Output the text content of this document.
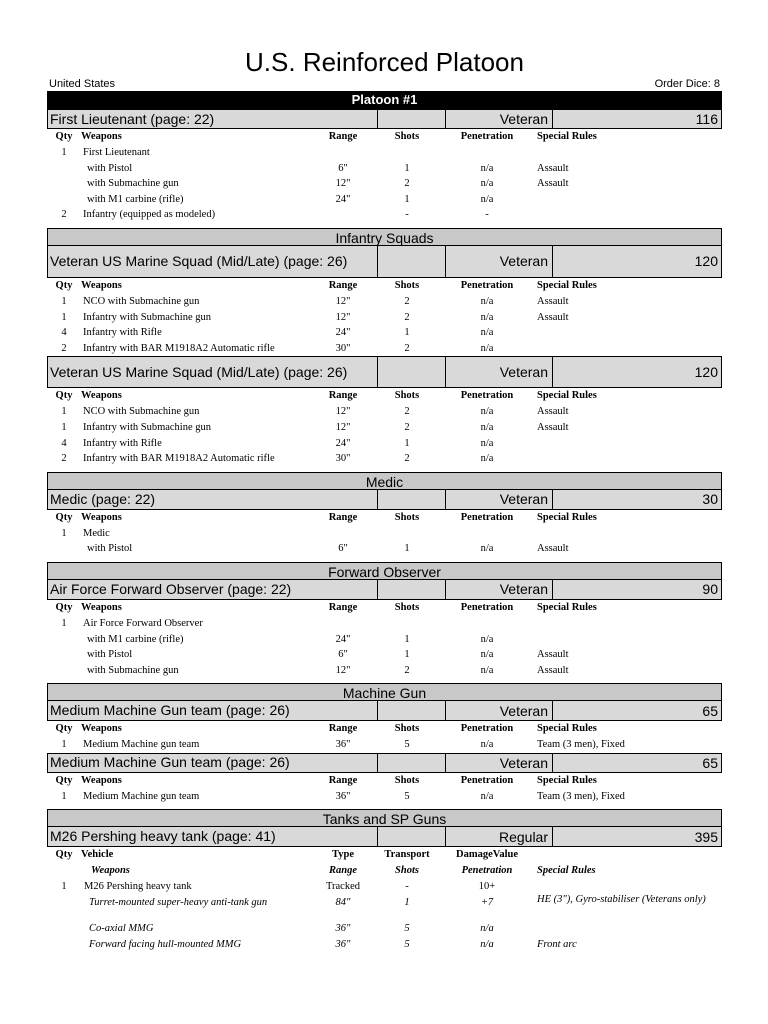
U.S. Reinforced Platoon
United States	Order Dice: 8
Platoon #1
First Lieutenant (page: 22)	Veteran	116
Qty	Weapons	Range	Shots	Penetration	Special Rules
1	First Lieutenant				
	with Pistol	6"	1	n/a	Assault
	with Submachine gun	12"	2	n/a	Assault
	with M1 carbine (rifle)	24"	1	n/a	
2	Infantry (equipped as modeled)		-	-	
Infantry Squads
Veteran US Marine Squad (Mid/Late) (page: 26)	Veteran	120
Qty	Weapons	Range	Shots	Penetration	Special Rules
1	NCO with Submachine gun	12"	2	n/a	Assault
1	Infantry with Submachine gun	12"	2	n/a	Assault
4	Infantry with Rifle	24"	1	n/a	
2	Infantry with BAR M1918A2 Automatic rifle	30"	2	n/a	
Veteran US Marine Squad (Mid/Late) (page: 26)	Veteran	120
Qty	Weapons	Range	Shots	Penetration	Special Rules
1	NCO with Submachine gun	12"	2	n/a	Assault
1	Infantry with Submachine gun	12"	2	n/a	Assault
4	Infantry with Rifle	24"	1	n/a	
2	Infantry with BAR M1918A2 Automatic rifle	30"	2	n/a	
Medic
Medic (page: 22)	Veteran	30
Qty	Weapons	Range	Shots	Penetration	Special Rules
1	Medic				
	with Pistol	6"	1	n/a	Assault
Forward Observer
Air Force Forward Observer (page: 22)	Veteran	90
Qty	Weapons	Range	Shots	Penetration	Special Rules
1	Air Force Forward Observer				
	with M1 carbine (rifle)	24"	1	n/a	
	with Pistol	6"	1	n/a	Assault
	with Submachine gun	12"	2	n/a	Assault
Machine Gun
Medium Machine Gun team (page: 26)	Veteran	65
Qty	Weapons	Range	Shots	Penetration	Special Rules
1	Medium Machine gun team	36"	5	n/a	Team (3 men), Fixed
Medium Machine Gun team (page: 26)	Veteran	65
Qty	Weapons	Range	Shots	Penetration	Special Rules
1	Medium Machine gun team	36"	5	n/a	Team (3 men), Fixed
Tanks and SP Guns
M26 Pershing heavy tank (page: 41)	Regular	395
Qty	Vehicle	Type	Transport	DamageValue	
	Weapons	Range	Shots	Penetration	Special Rules
1	M26 Pershing heavy tank	Tracked	-	10+	
	Turret-mounted super-heavy anti-tank gun	84"	1	+7	HE (3"), Gyro-stabiliser (Veterans only)
	Co-axial MMG	36"	5	n/a	
	Forward facing hull-mounted MMG	36"	5	n/a	Front arc
